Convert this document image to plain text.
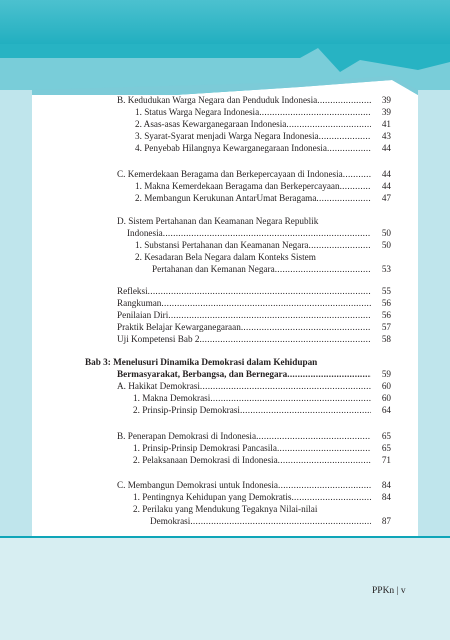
B. Kedudukan Warga Negara dan Penduduk Indonesia .....	39
1. Status Warga Negara Indonesia .....	39
2. Asas-asas Kewarganegaraan Indonesia .....	41
3. Syarat-Syarat menjadi Warga Negara Indonesia .....	43
4. Penyebab Hilangnya Kewarganegaraan Indonesia .....	44
C. Kemerdekaan Beragama dan Berkepercayaan di Indonesia .....	44
1. Makna Kemerdekaan Beragama dan Berkepercayaan .....	44
2. Membangun Kerukunan AntarUmat Beragama .....	47
D. Sistem Pertahanan dan Keamanan Negara Republik
Indonesia .....	50
1. Substansi Pertahanan dan Keamanan Negara .....	50
2. Kesadaran Bela Negara dalam Konteks Sistem
Pertahanan dan Kemanan Negara .....	53
Refleksi .....	55
Rangkuman .....	56
Penilaian Diri .....	56
Praktik Belajar Kewarganegaraan .....	57
Uji Kompetensi Bab 2 .....	58
Bab 3: Menelusuri Dinamika Demokrasi dalam Kehidupan
Bermasyarakat, Berbangsa, dan Bernegara .....	59
A. Hakikat Demokrasi .....	60
1. Makna Demokrasi .....	60
2. Prinsip-Prinsip Demokrasi .....	64
B. Penerapan Demokrasi di Indonesia .....	65
1. Prinsip-Prinsip Demokrasi Pancasila .....	65
2. Pelaksanaan Demokrasi di Indonesia .....	71
C. Membangun Demokrasi untuk Indonesia .....	84
1. Pentingnya Kehidupan yang Demokratis .....	84
2. Perilaku yang Mendukung Tegaknya Nilai-nilai
Demokrasi .....	87
PPKn | v
